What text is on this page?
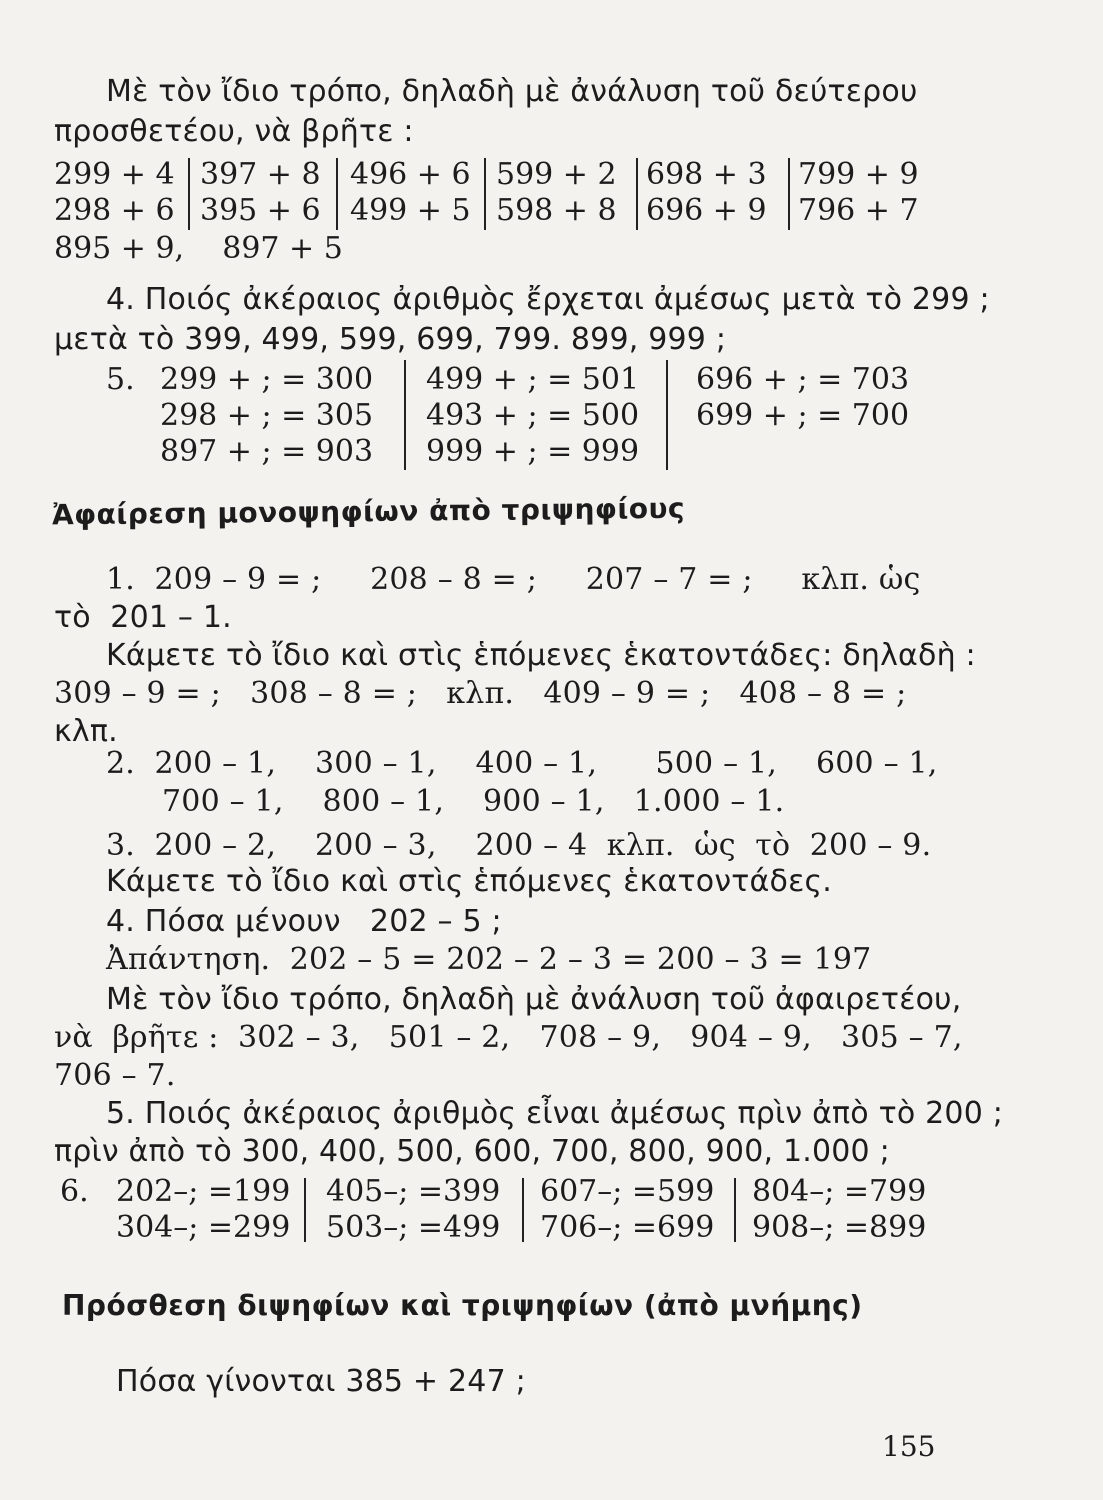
Μὲ τὸν ἴδιο τρόπο, δηλαδὴ μὲ ἀνάλυση τοῦ δεύτερου
προσθετέου, νὰ βρῆτε :
299 + 4
298 + 6
397 + 8
395 + 6
496 + 6
499 + 5
599 + 2
598 + 8
698 + 3
696 + 9
799 + 9
796 + 7
895 + 9,    897 + 5
4. Ποιός ἀκέραιος ἀριθμὸς ἔρχεται ἀμέσως μετὰ τὸ 299 ;
μετὰ τὸ 399, 499, 599, 699, 799. 899, 999 ;
5. 299 + ; = 300
298 + ; = 305
897 + ; = 903
499 + ; = 501
493 + ; = 500
999 + ; = 999
696 + ; = 703
699 + ; = 700
Ἀφαίρεση μονοψηφίων ἀπὸ τριψηφίους
1.  209 – 9 = ;     208 – 8 = ;     207 – 7 = ;     κλπ. ὡς
τὸ  201 – 1.
Κάμετε τὸ ἴδιο καὶ στὶς ἑπόμενες ἑκατοντάδες: δηλαδὴ :
309 – 9 = ;   308 – 8 = ;   κλπ.   409 – 9 = ;   408 – 8 = ;
κλπ.
2.  200 – 1,    300 – 1,    400 – 1,      500 – 1,    600 – 1,
700 – 1,    800 – 1,    900 – 1,   1.000 – 1.
3.  200 – 2,    200 – 3,    200 – 4  κλπ.  ὡς  τὸ  200 – 9.
Κάμετε τὸ ἴδιο καὶ στὶς ἑπόμενες ἑκατοντάδες.
4. Πόσα μένουν   202 – 5 ;
Ἀπάντηση.  202 – 5 = 202 – 2 – 3 = 200 – 3 = 197
Μὲ τὸν ἴδιο τρόπο, δηλαδὴ μὲ ἀνάλυση τοῦ ἀφαιρετέου,
νὰ  βρῆτε :  302 – 3,   501 – 2,   708 – 9,   904 – 9,   305 – 7,
706 – 7.
5. Ποιός ἀκέραιος ἀριθμὸς εἶναι ἀμέσως πρὶν ἀπὸ τὸ 200 ;
πρὶν ἀπὸ τὸ 300, 400, 500, 600, 700, 800, 900, 1.000 ;
6. 202–; =199
304–; =299
405–; =399
503–; =499
607–; =599
706–; =699
804–; =799
908–; =899
Πρόσθεση διψηφίων καὶ τριψηφίων (ἀπὸ μνήμης)
Πόσα γίνονται 385 + 247 ;
155
